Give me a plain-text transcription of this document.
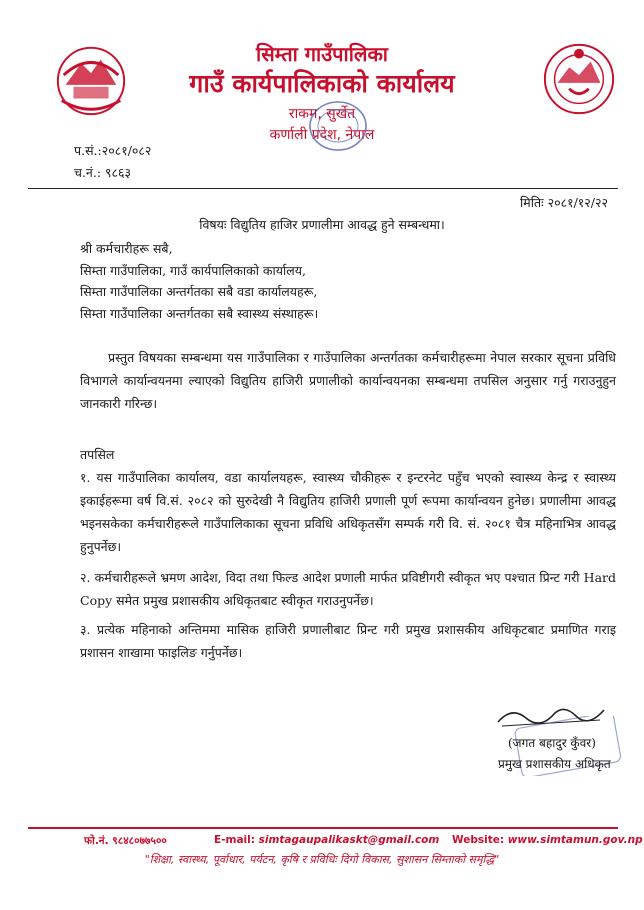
सिम्ता गाउँपालिका
गाउँ कार्यपालिकाको कार्यालय
राकम, सुर्खेत
कर्णाली प्रदेश, नेपाल
प.सं.:२०८१/०८२
च.नं.: ९८६३
मितिः २०८१/१२/२२
विषयः विद्युतिय हाजिर प्रणालीमा आवद्ध हुने सम्बन्धमा।
श्री कर्मचारीहरू सबै,
सिम्ता गाउँपालिका, गाउँ कार्यपालिकाको कार्यालय,
सिम्ता गाउँपालिका अन्तर्गतका सबै वडा कार्यालयहरू,
सिम्ता गाउँपालिका अन्तर्गतका सबै स्वास्थ्य संस्थाहरू।
प्रस्तुत विषयका सम्बन्धमा यस गाउँपालिका र गाउँपालिका अन्तर्गतका कर्मचारीहरूमा नेपाल सरकार सूचना प्रविधि विभागले कार्यान्वयनमा ल्याएको विद्युतिय हाजिरी प्रणालीको कार्यान्वयनका सम्बन्धमा तपसिल अनुसार गर्नु गराउनुहुन जानकारी गरिन्छ।
तपसिल
१. यस गाउँपालिका कार्यालय, वडा कार्यालयहरू, स्वास्थ्य चौकीहरू र इन्टरनेट पहुँच भएको स्वास्थ्य केन्द्र र स्वास्थ्य इकाईहरूमा वर्ष वि.सं. २०८२ को सुरुदेखी नै विद्युतिय हाजिरी प्रणाली पूर्ण रूपमा कार्यान्वयन हुनेछ। प्रणालीमा आवद्ध भइनसकेका कर्मचारीहरूले गाउँपालिकाका सूचना प्रविधि अधिकृतसँग सम्पर्क गरी वि. सं. २०८१ चैत्र महिनाभित्र आवद्ध हुनुपर्नेछ।
२. कर्मचारीहरूले भ्रमण आदेश, विदा तथा फिल्ड आदेश प्रणाली मार्फत प्रविष्टीगरी स्वीकृत भए पश्चात प्रिन्ट गरी Hard Copy समेत प्रमुख प्रशासकीय अधिकृतबाट स्वीकृत गराउनुपर्नेछ।
३. प्रत्येक महिनाको अन्तिममा मासिक हाजिरी प्रणालीबाट प्रिन्ट गरी प्रमुख प्रशासकीय अधिकृटबाट प्रमाणित गराइ प्रशासन शाखामा फाइलिङ गर्नुपर्नेछ।
(जगत बहादुर कुँवर)
प्रमुख प्रशासकीय अधिकृत
फो.नं. ९८४८०७७५००	E-mail: simtagaupalikaskt@gmail.com Website: www.simtamun.gov.np
"शिक्षा, स्वास्थ्य, पूर्वाधार, पर्यटन, कृषि र प्रविधिः दिगो विकास, सुशासन सिम्ताको समृद्धि"
